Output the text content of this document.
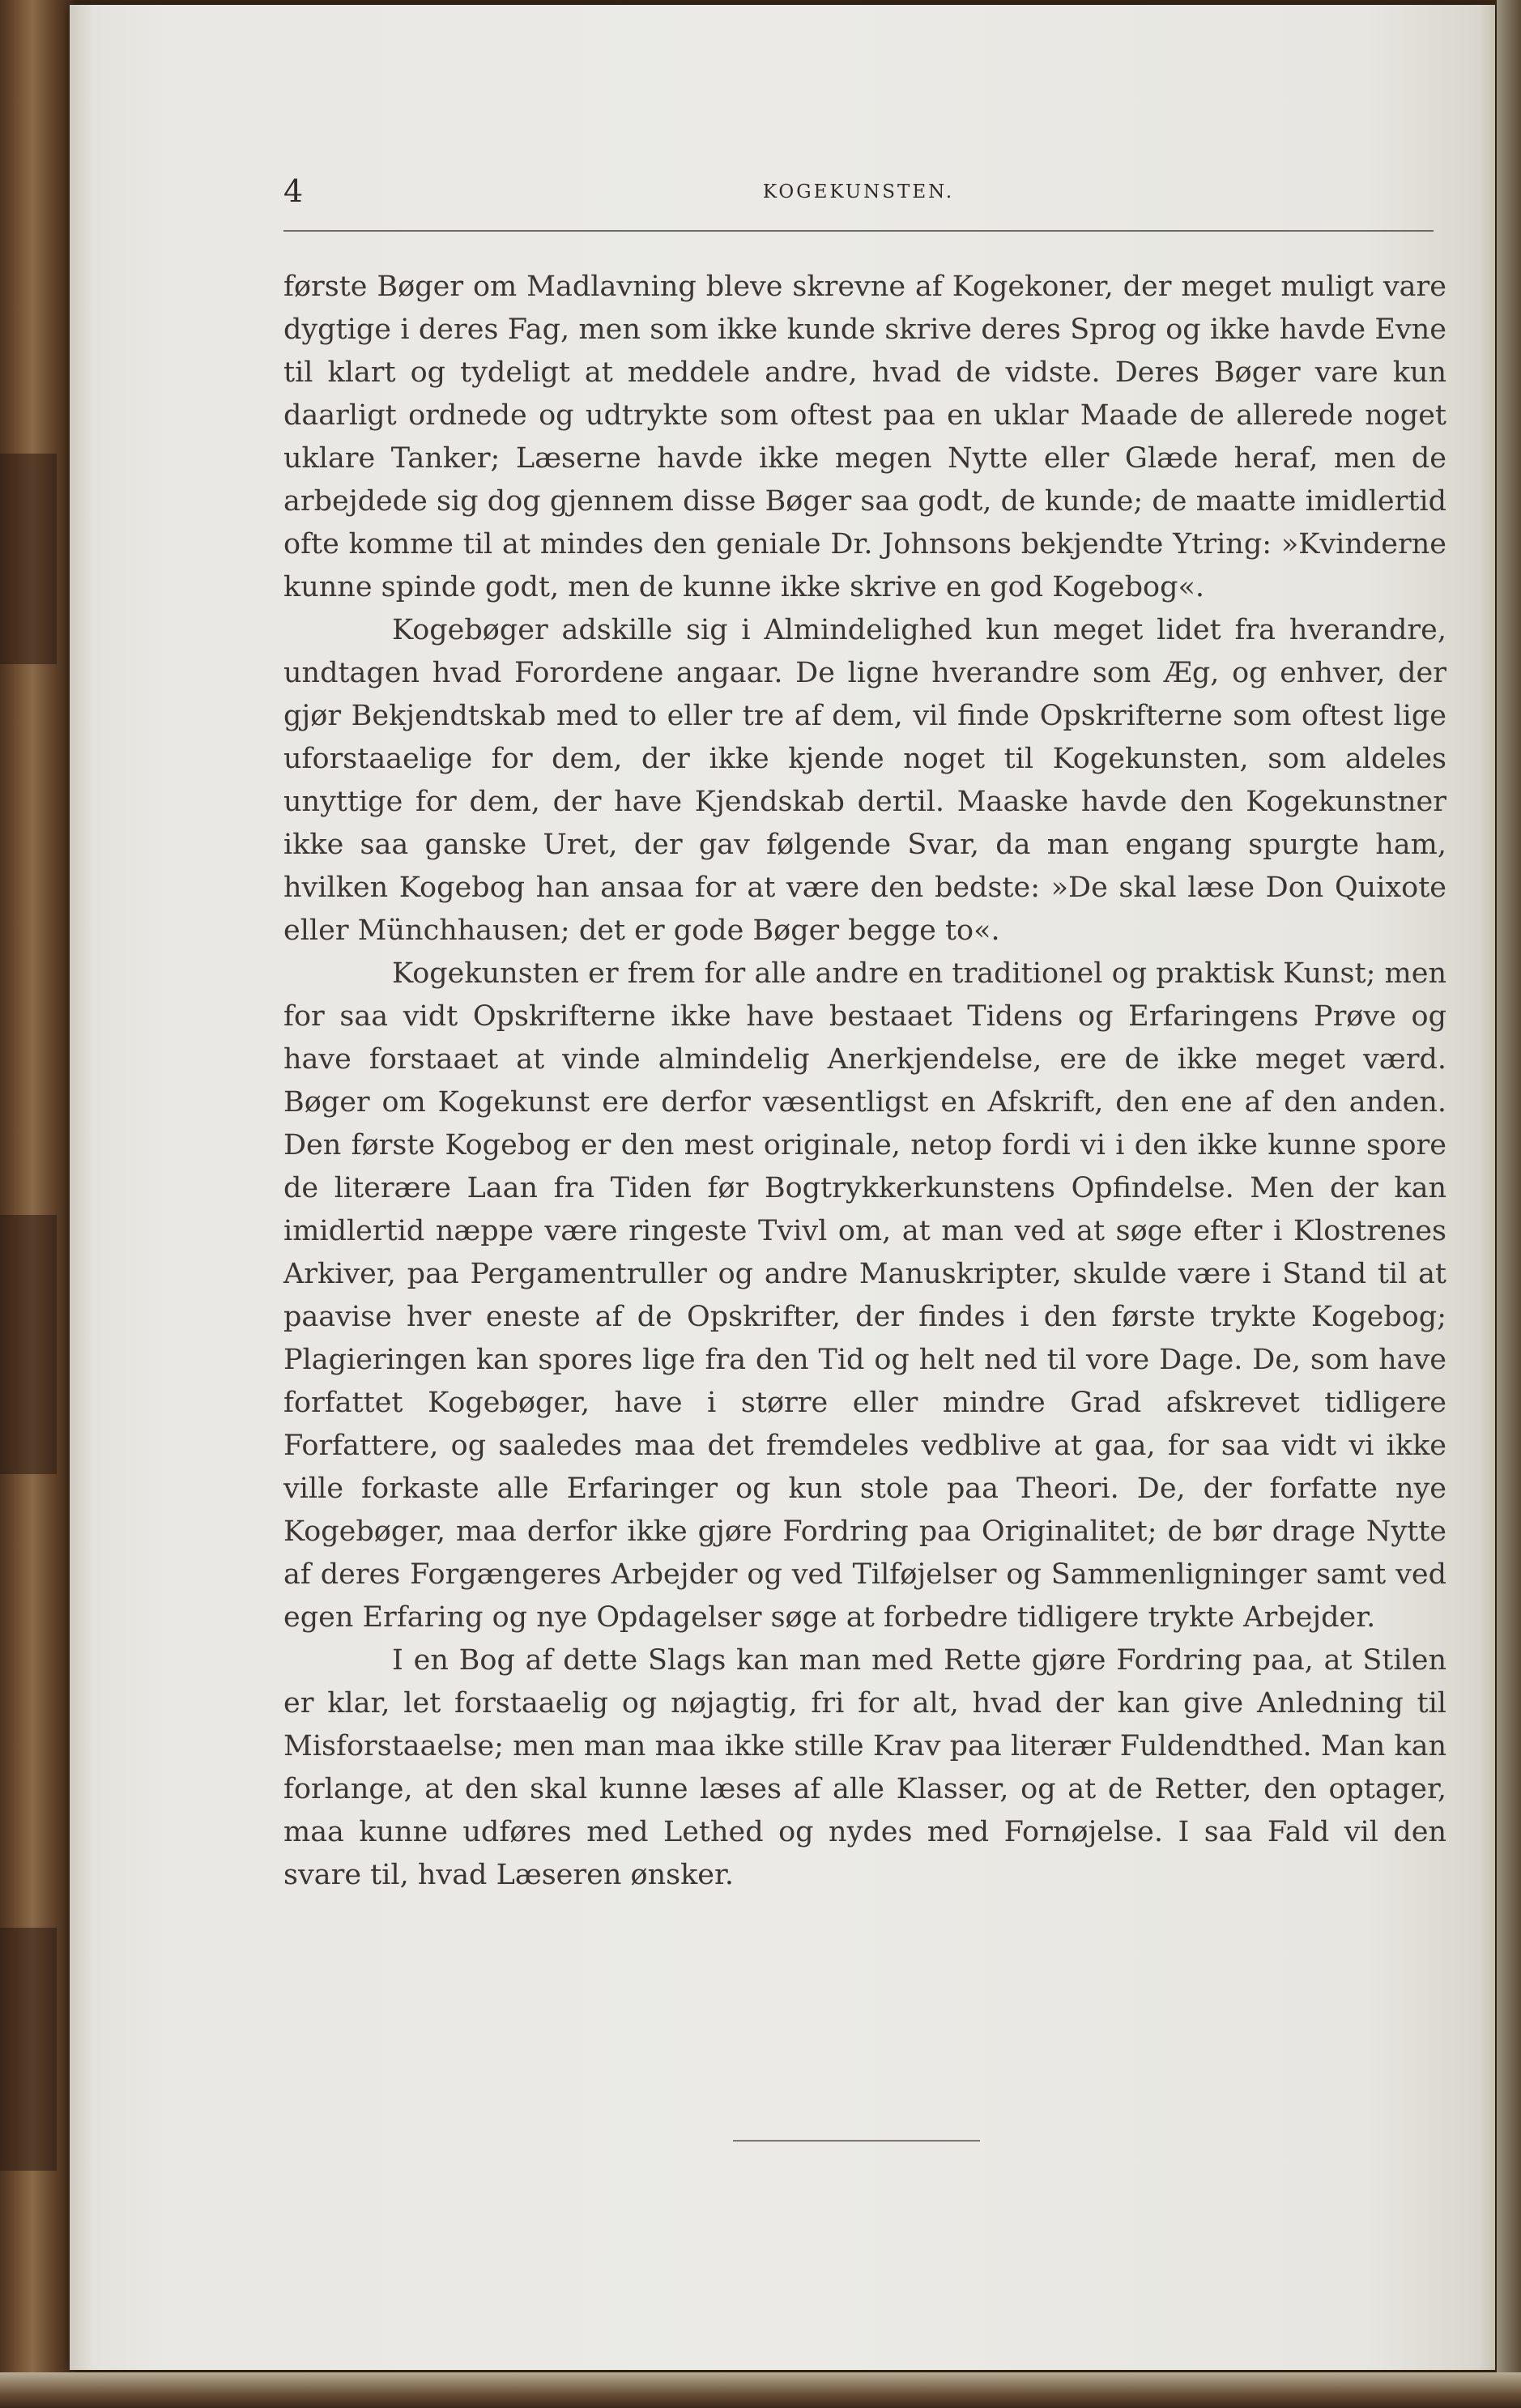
4	KOGEKUNSTEN.

første Bøger om Madlavning bleve skrevne af Kogekoner, der meget muligt vare dygtige i deres Fag, men som ikke kunde skrive deres Sprog og ikke havde Evne til klart og tydeligt at meddele andre, hvad de vidste. Deres Bøger vare kun daarligt ordnede og udtrykte som oftest paa en uklar Maade de allerede noget uklare Tanker; Læserne havde ikke megen Nytte eller Glæde heraf, men de arbejdede sig dog gjennem disse Bøger saa godt, de kunde; de maatte imidlertid ofte komme til at mindes den geniale Dr. Johnsons bekjendte Ytring: »Kvinderne kunne spinde godt, men de kunne ikke skrive en god Kogebog«.

Kogebøger adskille sig i Almindelighed kun meget lidet fra hverandre, undtagen hvad Forordene angaar. De ligne hverandre som Æg, og enhver, der gjør Bekjendtskab med to eller tre af dem, vil finde Opskrifterne som oftest lige uforstaaelige for dem, der ikke kjende noget til Kogekunsten, som aldeles unyttige for dem, der have Kjendskab dertil. Maaske havde den Kogekunstner ikke saa ganske Uret, der gav følgende Svar, da man engang spurgte ham, hvilken Kogebog han ansaa for at være den bedste: »De skal læse Don Quixote eller Münchhausen; det er gode Bøger begge to«.

Kogekunsten er frem for alle andre en traditionel og praktisk Kunst; men for saa vidt Opskrifterne ikke have bestaaet Tidens og Erfaringens Prøve og have forstaaet at vinde almindelig Anerkjendelse, ere de ikke meget værd. Bøger om Kogekunst ere derfor væsentligst en Afskrift, den ene af den anden. Den første Kogebog er den mest originale, netop fordi vi i den ikke kunne spore de literære Laan fra Tiden før Bogtrykkerkunstens Opfindelse. Men der kan imidlertid næppe være ringeste Tvivl om, at man ved at søge efter i Klostrenes Arkiver, paa Pergamentruller og andre Manuskripter, skulde være i Stand til at paavise hver eneste af de Opskrifter, der findes i den første trykte Kogebog; Plagieringen kan spores lige fra den Tid og helt ned til vore Dage. De, som have forfattet Kogebøger, have i større eller mindre Grad afskrevet tidligere Forfattere, og saaledes maa det fremdeles vedblive at gaa, for saa vidt vi ikke ville forkaste alle Erfaringer og kun stole paa Theori. De, der forfatte nye Kogebøger, maa derfor ikke gjøre Fordring paa Originalitet; de bør drage Nytte af deres Forgængeres Arbejder og ved Tilføjelser og Sammenligninger samt ved egen Erfaring og nye Opdagelser søge at forbedre tidligere trykte Arbejder.

I en Bog af dette Slags kan man med Rette gjøre Fordring paa, at Stilen er klar, let forstaaelig og nøjagtig, fri for alt, hvad der kan give Anledning til Misforstaaelse; men man maa ikke stille Krav paa literær Fuldendthed. Man kan forlange, at den skal kunne læses af alle Klasser, og at de Retter, den optager, maa kunne udføres med Lethed og nydes med Fornøjelse. I saa Fald vil den svare til, hvad Læseren ønsker.
